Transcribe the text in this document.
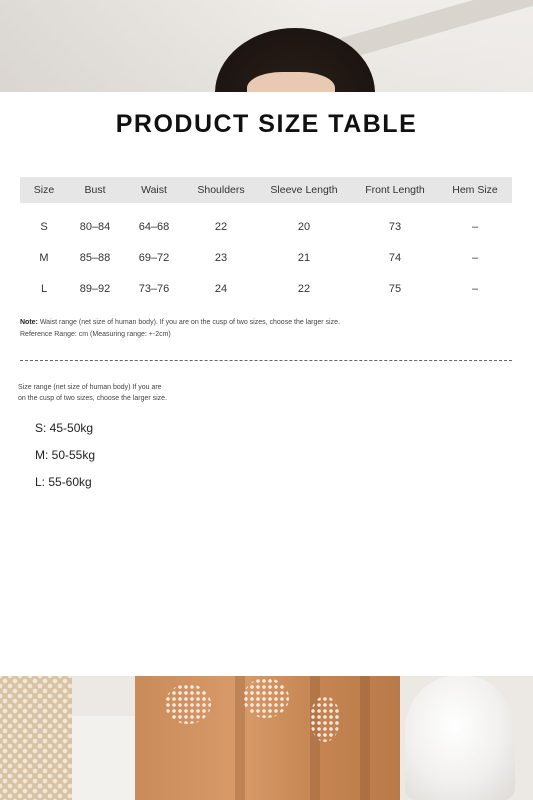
PRODUCT SIZE TABLE
Size	Bust	Waist	Shoulders	Sleeve Length	Front Length	Hem Size
S	80–84	64–68	22	20	73	–
M	85–88	69–72	23	21	74	–
L	89–92	73–76	24	22	75	–
Note: Waist range (net size of human body). If you are on the cusp of two sizes, choose the larger size.
Reference Range: cm (Measuring range: +-2cm)
Size range (net size of human body) If you are
on the cusp of two sizes, choose the larger size.
S: 45-50kg
M: 50-55kg
L: 55-60kg
